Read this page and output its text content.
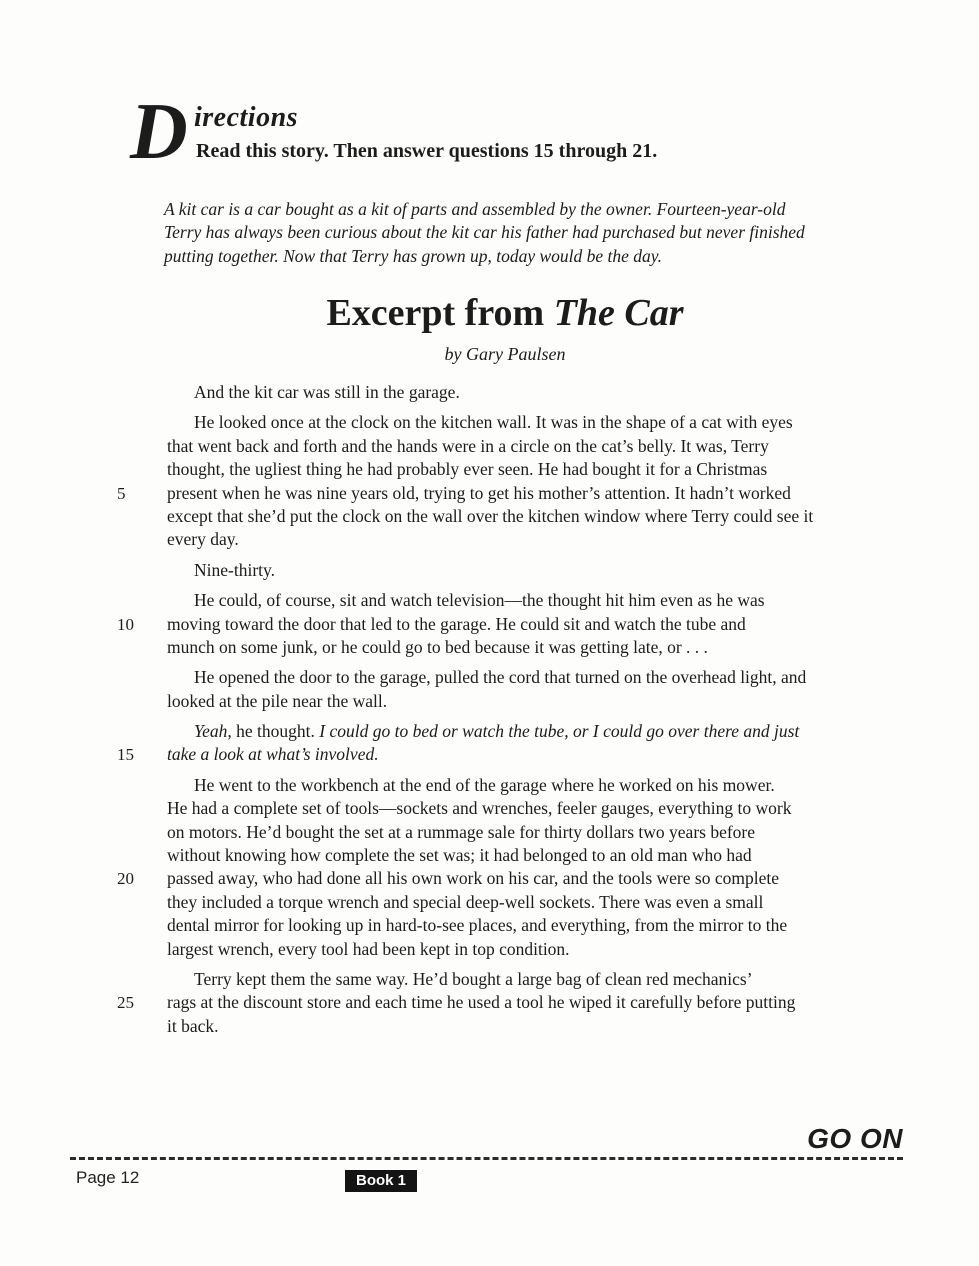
D irections
Read this story. Then answer questions 15 through 21.
A kit car is a car bought as a kit of parts and assembled by the owner. Fourteen-year-old
Terry has always been curious about the kit car his father had purchased but never finished
putting together. Now that Terry has grown up, today would be the day.
Excerpt from The Car
by Gary Paulsen
And the kit car was still in the garage.
He looked once at the clock on the kitchen wall. It was in the shape of a cat with eyes
that went back and forth and the hands were in a circle on the cat’s belly. It was, Terry
thought, the ugliest thing he had probably ever seen. He had bought it for a Christmas
5	present when he was nine years old, trying to get his mother’s attention. It hadn’t worked
except that she’d put the clock on the wall over the kitchen window where Terry could see it
every day.
Nine-thirty.
He could, of course, sit and watch television—the thought hit him even as he was
10	moving toward the door that led to the garage. He could sit and watch the tube and
munch on some junk, or he could go to bed because it was getting late, or . . .
He opened the door to the garage, pulled the cord that turned on the overhead light, and
looked at the pile near the wall.
Yeah, he thought. I could go to bed or watch the tube, or I could go over there and just
15	take a look at what’s involved.
He went to the workbench at the end of the garage where he worked on his mower.
He had a complete set of tools—sockets and wrenches, feeler gauges, everything to work
on motors. He’d bought the set at a rummage sale for thirty dollars two years before
without knowing how complete the set was; it had belonged to an old man who had
20	passed away, who had done all his own work on his car, and the tools were so complete
they included a torque wrench and special deep-well sockets. There was even a small
dental mirror for looking up in hard-to-see places, and everything, from the mirror to the
largest wrench, every tool had been kept in top condition.
Terry kept them the same way. He’d bought a large bag of clean red mechanics’
25	rags at the discount store and each time he used a tool he wiped it carefully before putting
it back.
GO ON
Page 12	Book 1
